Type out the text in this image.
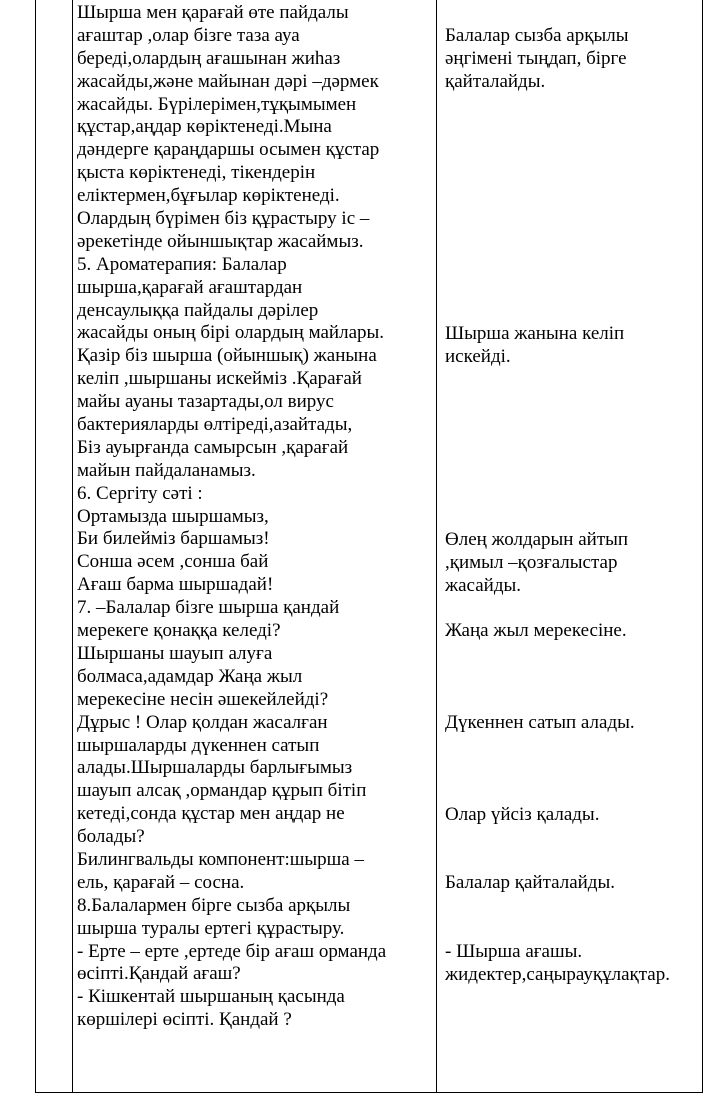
Шырша мен қарағай өте пайдалы
ағаштар ,олар бізге таза ауа
береді,олардың ағашынан жиһаз
жасайды,және майынан дәрі –дәрмек
жасайды. Бүрілерімен,тұқымымен
құстар,аңдар көріктенеді.Мына
дәндерге қараңдаршы осымен құстар
қыста көріктенеді, тікендерін
еліктермен,бұғылар көріктенеді.
Олардың бүрімен біз құрастыру іс –
әрекетінде ойыншықтар жасаймыз.
5. Ароматерапия: Балалар
шырша,қарағай ағаштардан
денсаулыққа пайдалы дәрілер
жасайды оның бірі олардың майлары.
Қазір біз шырша (ойыншық) жанына
келіп ,шыршаны искейміз .Қарағай
майы ауаны тазартады,ол вирус
бактерияларды өлтіреді,азайтады,
Біз ауырғанда самырсын ,қарағай
майын пайдаланамыз.
6. Сергіту сәті :
Ортамызда шыршамыз,
Би билейміз баршамыз!
Сонша әсем ,сонша бай
Ағаш барма шыршадай!
7. –Балалар бізге шырша қандай
мерекеге қонаққа келеді?
Шыршаны шауып алуға
болмаса,адамдар Жаңа жыл
мерекесіне несін әшекейлейді?
Дұрыс ! Олар қолдан жасалған
шыршаларды дүкеннен сатып
алады.Шыршаларды барлығымыз
шауып алсақ ,ормандар құрып бітіп
кетеді,сонда құстар мен аңдар не
болады?
Билингвальды компонент:шырша –
ель, қарағай – сосна.
8.Балалармен бірге сызба арқылы
шырша туралы ертегі құрастыру.
- Ерте – ерте ,ертеде бір ағаш орманда
өсіпті.Қандай ағаш?
- Кішкентай шыршаның қасында
көршілері өсіпті. Қандай ?
Балалар сызба арқылы
әңгімені тыңдап, бірге
қайталайды.
Шырша жанына келіп
искейді.
Өлең жолдарын айтып
,қимыл –қозғалыстар
жасайды.
Жаңа жыл мерекесіне.
Дүкеннен сатып алады.
Олар үйсіз қалады.
Балалар қайталайды.
- Шырша ағашы.
жидектер,саңырауқұлақтар.
